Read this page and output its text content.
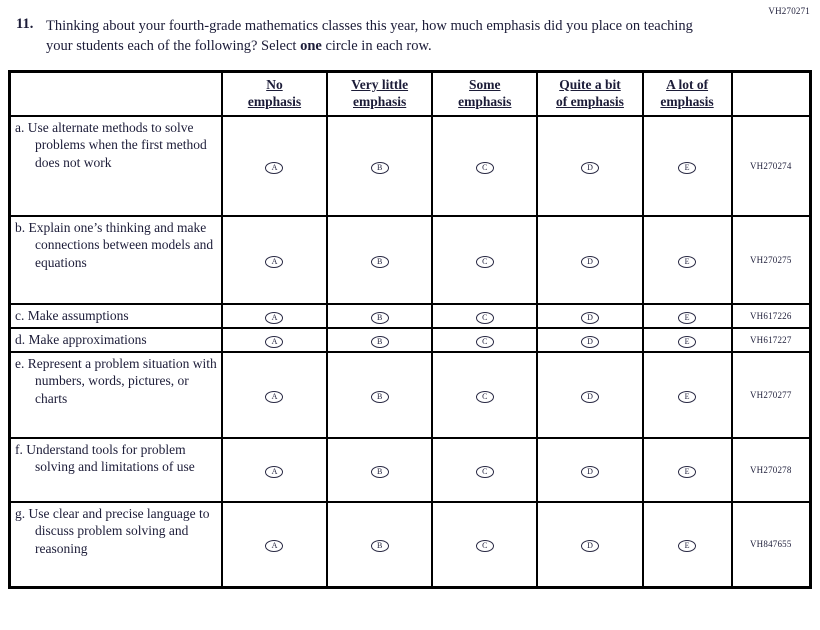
VH270271
11. Thinking about your fourth-grade mathematics classes this year, how much emphasis did you place on teaching your students each of the following? Select one circle in each row.
	No
emphasis	Very little
emphasis	Some
emphasis	Quite a bit
of emphasis	A lot of
emphasis	

a. Use alternate methods to solve problems when the first method does not work	A	B	C	D	E	VH270274

b. Explain one’s thinking and make connections between models and equations	A	B	C	D	E	VH270275

c. Make assumptions	A	B	C	D	E	VH617226

d. Make approximations	A	B	C	D	E	VH617227

e. Represent a problem situation with numbers, words, pictures, or charts	A	B	C	D	E	VH270277

f. Understand tools for problem solving and limitations of use	A	B	C	D	E	VH270278

g. Use clear and precise language to discuss problem solving and reasoning	A	B	C	D	E	VH847655
